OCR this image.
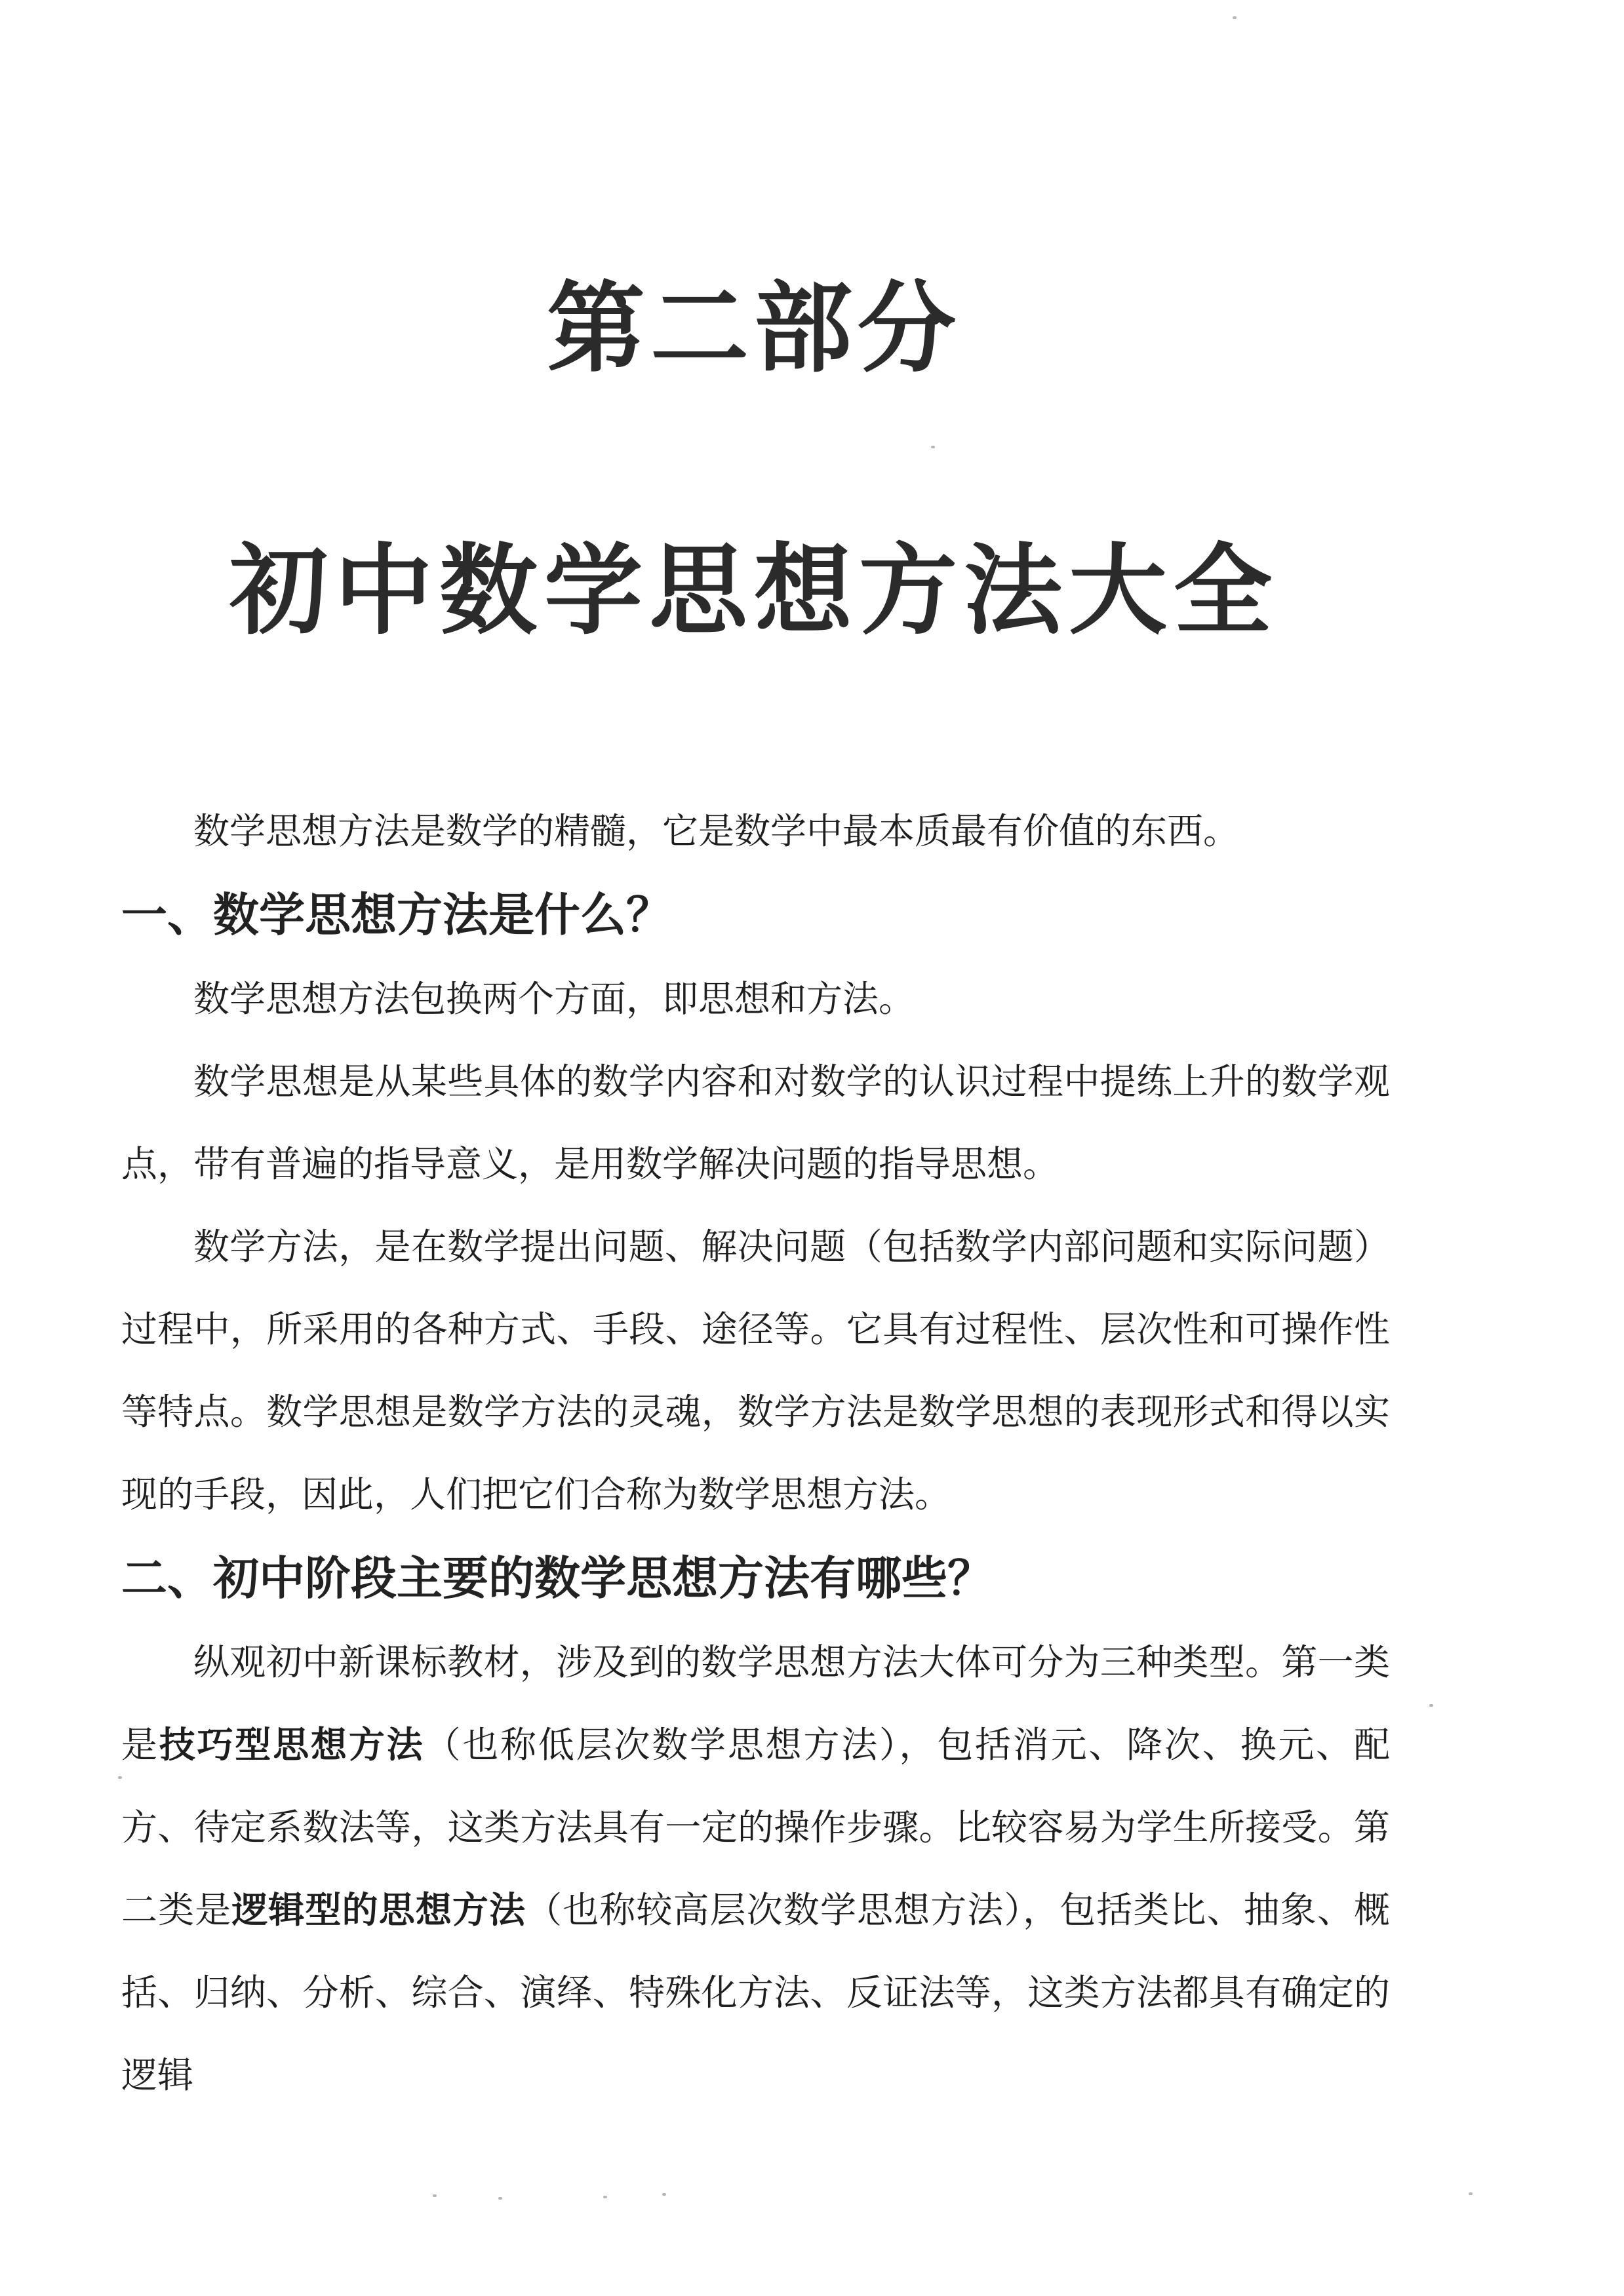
第二部分
初中数学思想方法大全

数学思想方法是数学的精髓，它是数学中最本质最有价值的东西。

一、数学思想方法是什么？

数学思想方法包换两个方面，即思想和方法。

数学思想是从某些具体的数学内容和对数学的认识过程中提练上升的数学观点，带有普遍的指导意义，是用数学解决问题的指导思想。

数学方法，是在数学提出问题、解决问题（包括数学内部问题和实际问题）过程中，所采用的各种方式、手段、途径等。它具有过程性、层次性和可操作性等特点。数学思想是数学方法的灵魂，数学方法是数学思想的表现形式和得以实现的手段，因此，人们把它们合称为数学思想方法。

二、初中阶段主要的数学思想方法有哪些？

纵观初中新课标教材，涉及到的数学思想方法大体可分为三种类型。第一类是技巧型思想方法（也称低层次数学思想方法），包括消元、降次、换元、配方、待定系数法等，这类方法具有一定的操作步骤。比较容易为学生所接受。第二类是逻辑型的思想方法（也称较高层次数学思想方法），包括类比、抽象、概括、归纳、分析、综合、演绎、特殊化方法、反证法等，这类方法都具有确定的逻辑
